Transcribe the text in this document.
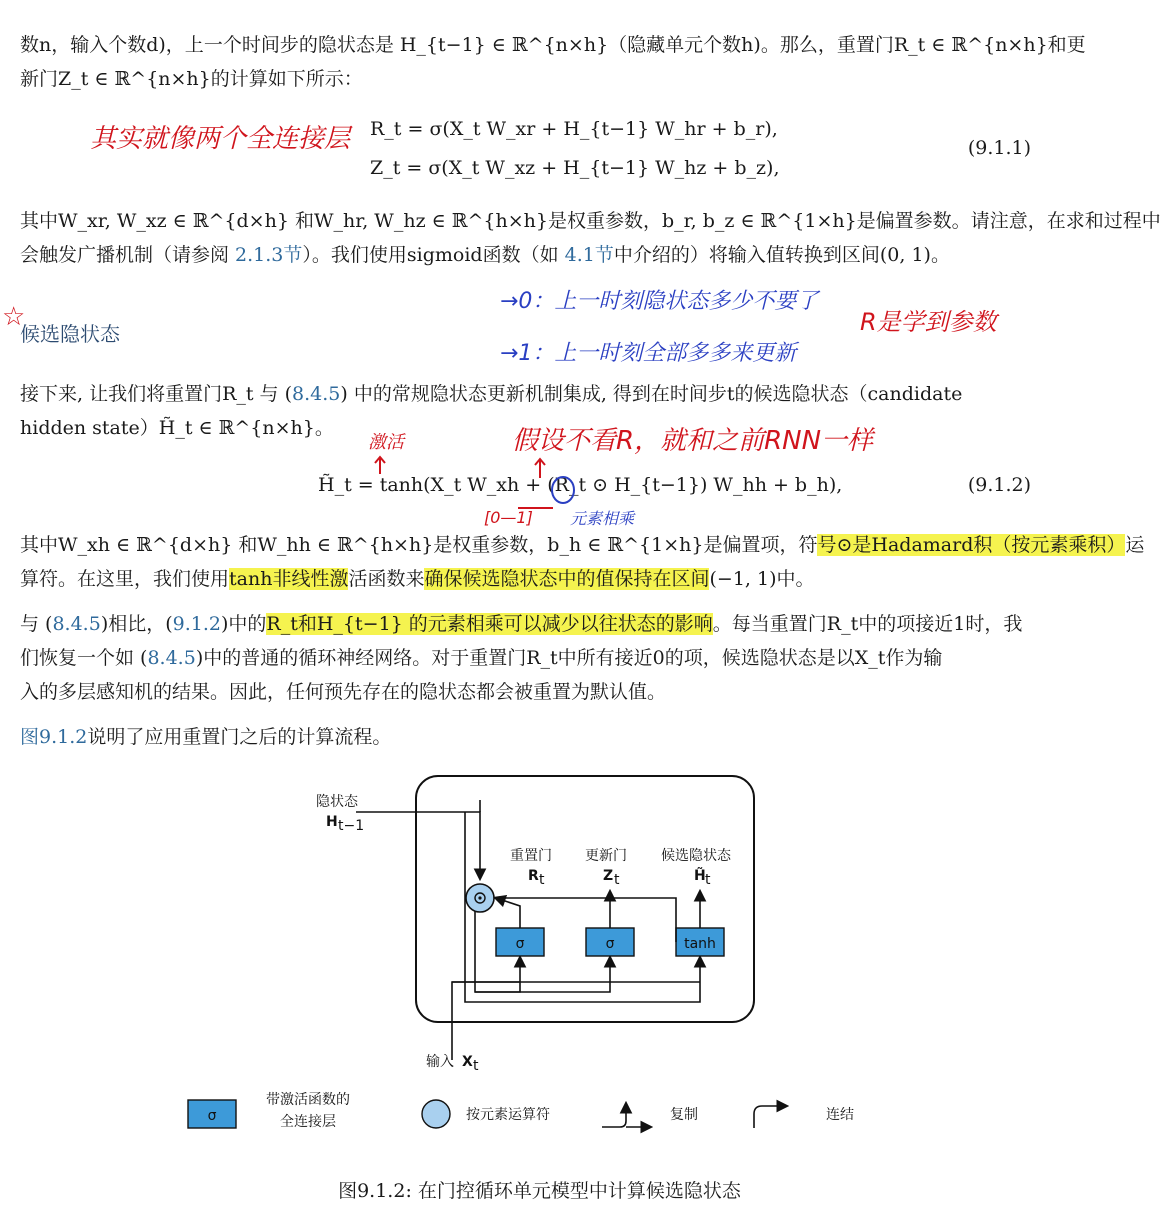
数n，输入个数d)，上一个时间步的隐状态是 H_{t−1} ∈ ℝ^{n×h}（隐藏单元个数h)。那么，重置门R_t ∈ ℝ^{n×h}和更
新门Z_t ∈ ℝ^{n×h}的计算如下所示：
其实就像两个全连接层 R_t = σ(X_t W_xr + H_{t−1} W_hr + b_r),
Z_t = σ(X_t W_xz + H_{t−1} W_hz + b_z),
(9.1.1)
其中W_xr, W_xz ∈ ℝ^{d×h} 和W_hr, W_hz ∈ ℝ^{h×h}是权重参数，b_r, b_z ∈ ℝ^{1×h}是偏置参数。请注意，在求和过程中
会触发广播机制（请参阅 2.1.3节）。我们使用sigmoid函数（如 4.1节中介绍的）将输入值转换到区间(0, 1)。
→0：上一时刻隐状态多少不要了
→1：上一时刻全部多多来更新
R是学到参数
☆
候选隐状态
接下来, 让我们将重置门R_t 与 (8.4.5) 中的常规隐状态更新机制集成, 得到在时间步t的候选隐状态（candidate
hidden state）H̃_t ∈ ℝ^{n×h}。
激活	假设不看R，就和之前RNN一样
H̃_t = tanh(X_t W_xh + (R_t ⊙ H_{t−1}) W_hh + b_h),	(9.1.2)
[0—1] 元素相乘
其中W_xh ∈ ℝ^{d×h} 和W_hh ∈ ℝ^{h×h}是权重参数，b_h ∈ ℝ^{1×h}是偏置项，符号⊙是Hadamard积（按元素乘积）运
算符。在这里，我们使用tanh非线性激活函数来确保候选隐状态中的值保持在区间(−1, 1)中。
与 (8.4.5)相比，(9.1.2)中的R_t和H_{t−1} 的元素相乘可以减少以往状态的影响。每当重置门R_t中的项接近1时，我
们恢复一个如 (8.4.5)中的普通的循环神经网络。对于重置门R_t中所有接近0的项，候选隐状态是以X_t作为输
入的多层感知机的结果。因此，任何预先存在的隐状态都会被重置为默认值。
图9.1.2说明了应用重置门之后的计算流程。
隐状态
H t−1
σ	σ	tanh
重置门
R t
更新门
Z t
候选隐状态
H̃ t
输入 X t
σ
带激活函数的
全连接层	按元素运算符	复制	连结
图9.1.2: 在门控循环单元模型中计算候选隐状态
